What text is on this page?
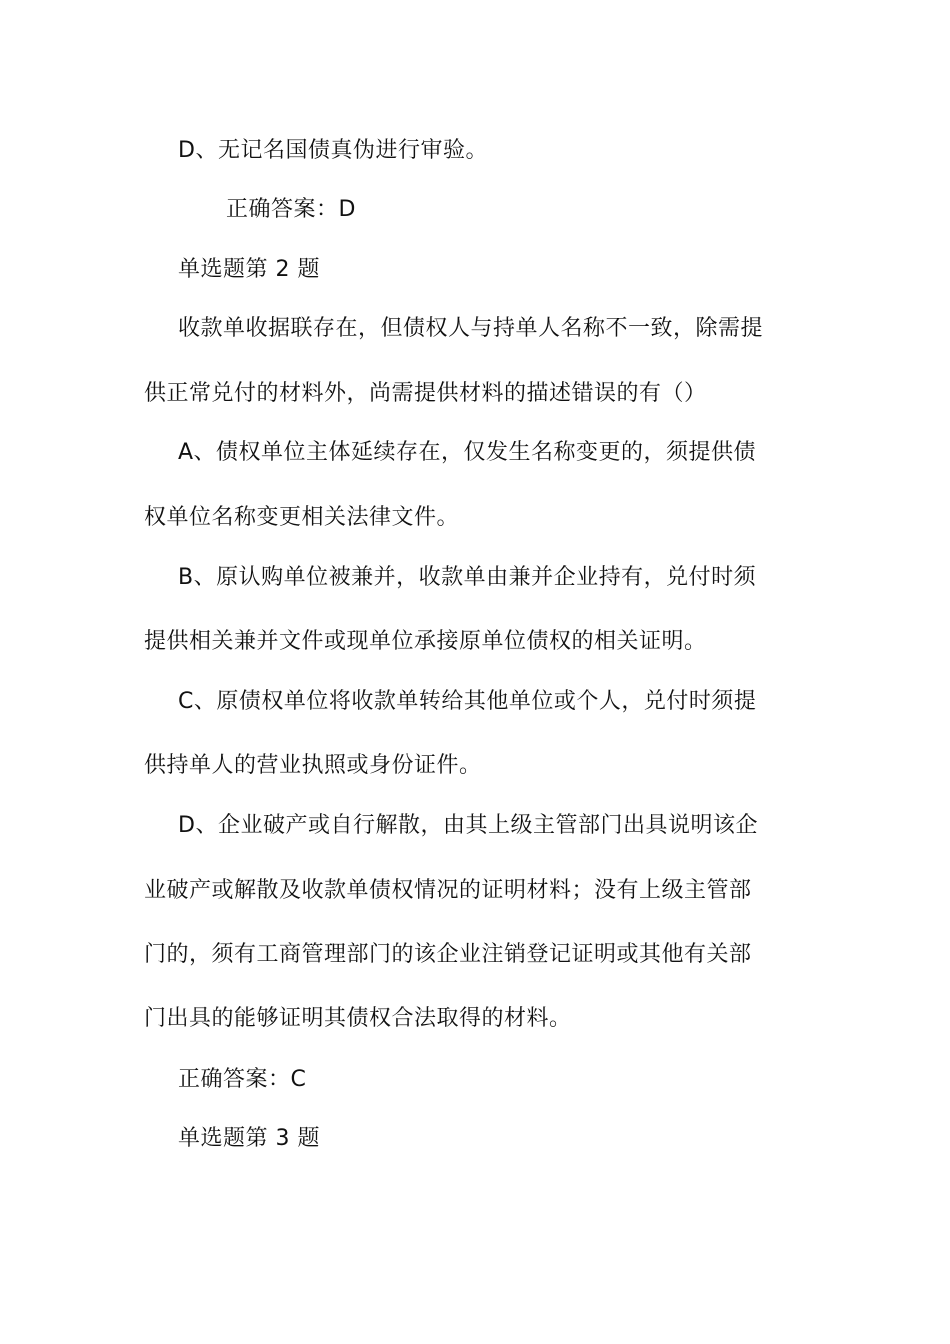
D、无记名国债真伪进行审验。
正确答案：D
单选题第 2 题
收款单收据联存在，但债权人与持单人名称不一致，除需提
供正常兑付的材料外，尚需提供材料的描述错误的有（）
A、债权单位主体延续存在，仅发生名称变更的，须提供债
权单位名称变更相关法律文件。
B、原认购单位被兼并，收款单由兼并企业持有，兑付时须
提供相关兼并文件或现单位承接原单位债权的相关证明。
C、原债权单位将收款单转给其他单位或个人，兑付时须提
供持单人的营业执照或身份证件。
D、企业破产或自行解散，由其上级主管部门出具说明该企
业破产或解散及收款单债权情况的证明材料；没有上级主管部
门的，须有工商管理部门的该企业注销登记证明或其他有关部
门出具的能够证明其债权合法取得的材料。
正确答案：C
单选题第 3 题
